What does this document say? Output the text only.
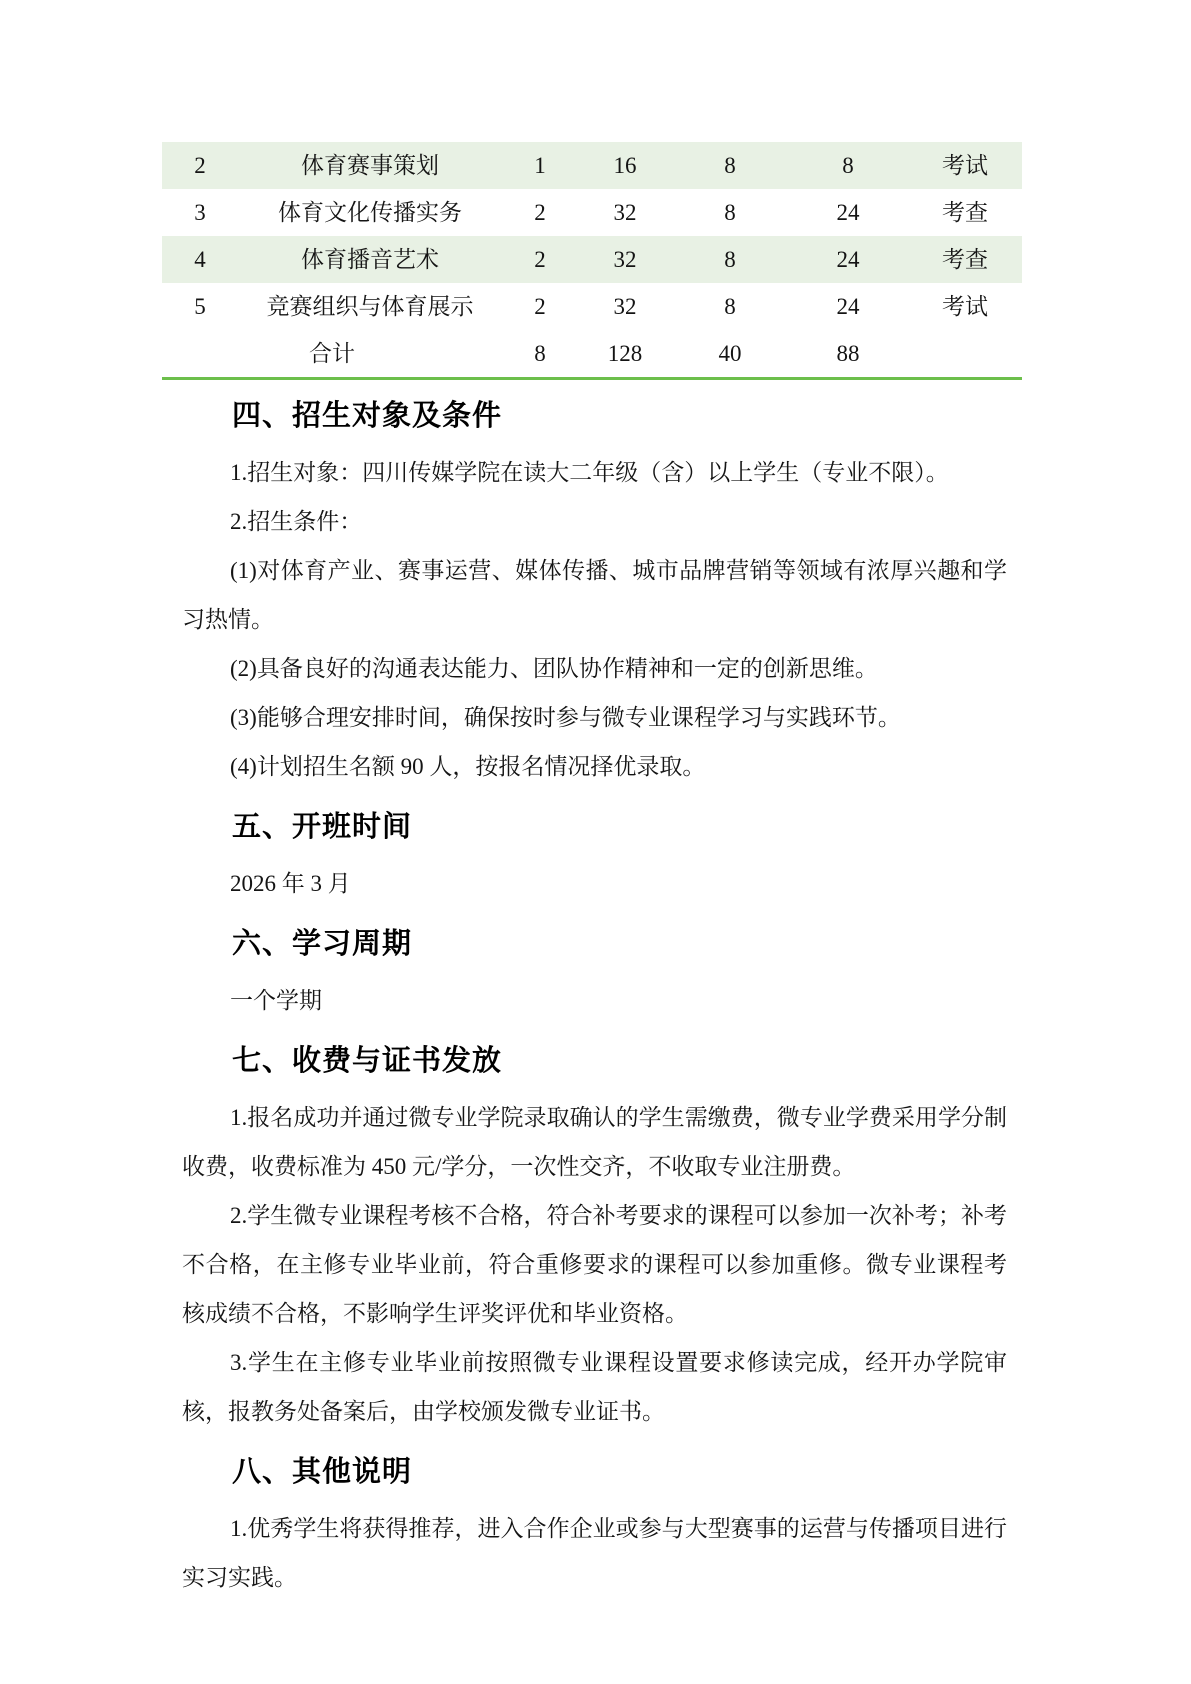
2	体育赛事策划	1	16	8	8	考试
3	体育文化传播实务	2	32	8	24	考查
4	体育播音艺术	2	32	8	24	考查
5	竞赛组织与体育展示	2	32	8	24	考试
合计		8	128	40	88	
四、招生对象及条件

1.招生对象：四川传媒学院在读大二年级（含）以上学生（专业不限）。

2.招生条件：

(1)对体育产业、赛事运营、媒体传播、城市品牌营销等领域有浓厚兴趣和学习热情。

(2)具备良好的沟通表达能力、团队协作精神和一定的创新思维。

(3)能够合理安排时间，确保按时参与微专业课程学习与实践环节。

(4)计划招生名额 90 人，按报名情况择优录取。

五、开班时间

2026 年 3 月

六、学习周期

一个学期

七、收费与证书发放

1.报名成功并通过微专业学院录取确认的学生需缴费，微专业学费采用学分制收费，收费标准为 450 元/学分，一次性交齐，不收取专业注册费。

2.学生微专业课程考核不合格，符合补考要求的课程可以参加一次补考；补考不合格，在主修专业毕业前，符合重修要求的课程可以参加重修。微专业课程考核成绩不合格，不影响学生评奖评优和毕业资格。

3.学生在主修专业毕业前按照微专业课程设置要求修读完成，经开办学院审核，报教务处备案后，由学校颁发微专业证书。

八、其他说明

1.优秀学生将获得推荐，进入合作企业或参与大型赛事的运营与传播项目进行实习实践。
